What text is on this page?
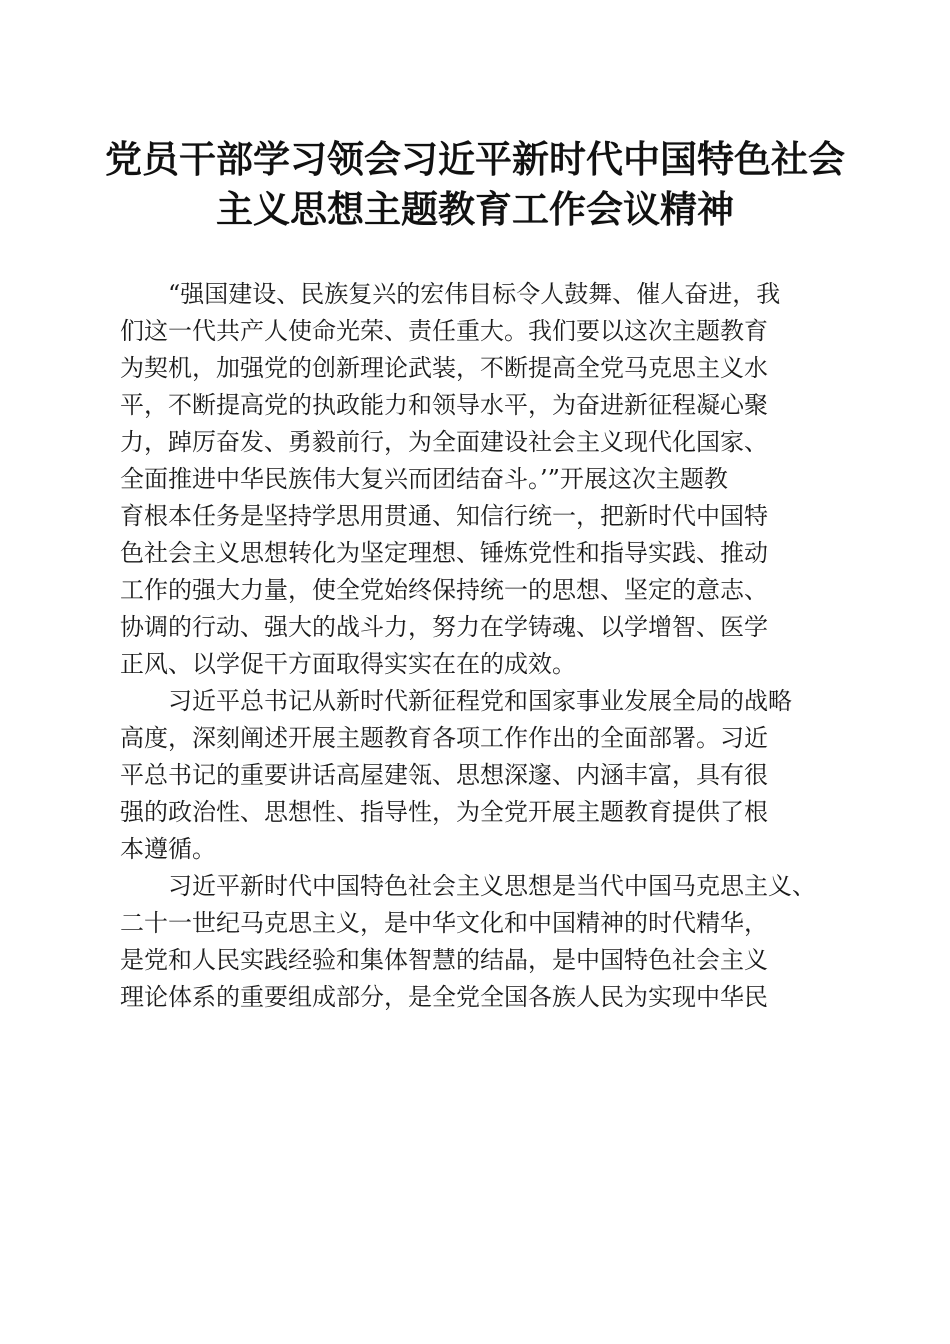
党员干部学习领会习近平新时代中国特色社会
主义思想主题教育工作会议精神

　　“强国建设、民族复兴的宏伟目标令人鼓舞、催人奋进，我
们这一代共产人使命光荣、责任重大。我们要以这次主题教育
为契机，加强党的创新理论武装，不断提高全党马克思主义水
平，不断提高党的执政能力和领导水平，为奋进新征程凝心聚
力，踔厉奋发、勇毅前行，为全面建设社会主义现代化国家、
全面推进中华民族伟大复兴而团结奋斗。’”开展这次主题教
育根本任务是坚持学思用贯通、知信行统一，把新时代中国特
色社会主义思想转化为坚定理想、锤炼党性和指导实践、推动
工作的强大力量，使全党始终保持统一的思想、坚定的意志、
协调的行动、强大的战斗力，努力在学铸魂、以学增智、医学
正风、以学促干方面取得实实在在的成效。

　　习近平总书记从新时代新征程党和国家事业发展全局的战略
高度，深刻阐述开展主题教育各项工作作出的全面部署。习近
平总书记的重要讲话高屋建瓴、思想深邃、内涵丰富，具有很
强的政治性、思想性、指导性，为全党开展主题教育提供了根
本遵循。

　　习近平新时代中国特色社会主义思想是当代中国马克思主义、
二十一世纪马克思主义，是中华文化和中国精神的时代精华，
是党和人民实践经验和集体智慧的结晶，是中国特色社会主义
理论体系的重要组成部分，是全党全国各族人民为实现中华民
